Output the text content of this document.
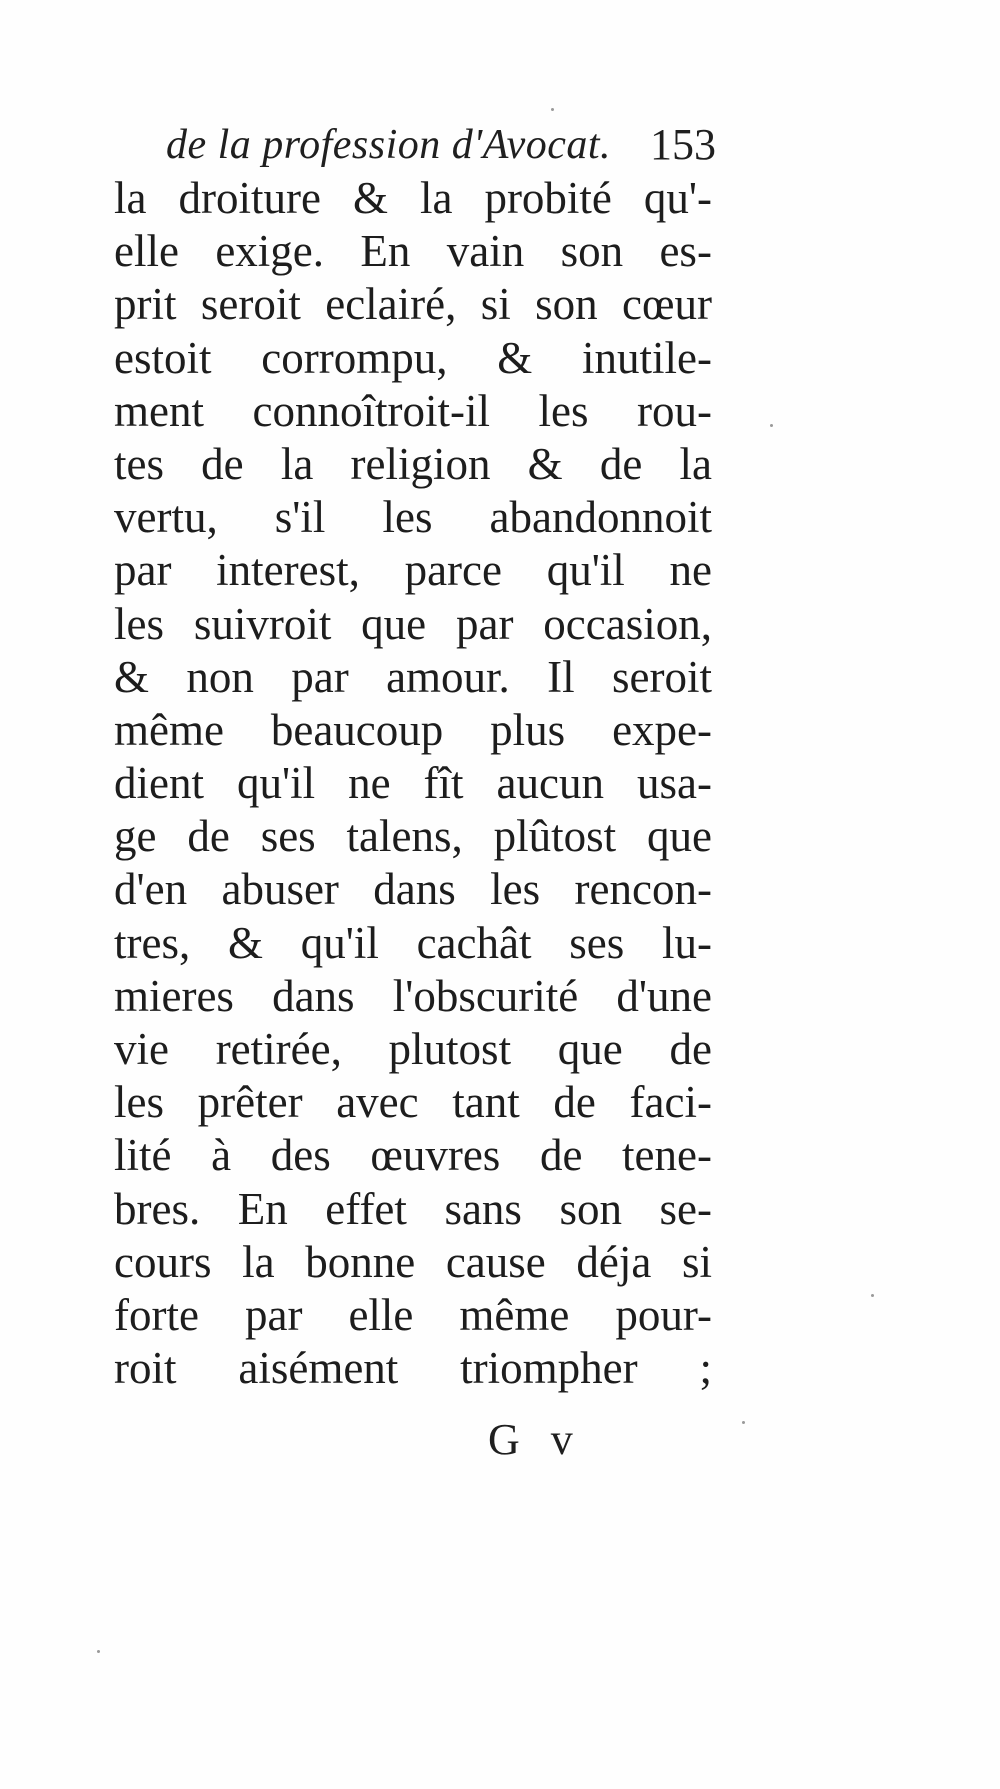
de la profession d'Avocat. 153
la droiture & la probité qu'-
elle exige. En vain son es-
prit seroit eclairé, si son cœur
estoit corrompu, & inutile-
ment connoîtroit-il les rou-
tes de la religion & de la
vertu, s'il les abandonnoit
par interest, parce qu'il ne
les suivroit que par occasion,
& non par amour. Il seroit
même beaucoup plus expe-
dient qu'il ne fît aucun usa-
ge de ses talens, plûtost que
d'en abuser dans les rencon-
tres, & qu'il cachât ses lu-
mieres dans l'obscurité d'une
vie retirée, plutost que de
les prêter avec tant de faci-
lité à des œuvres de tene-
bres. En effet sans son se-
cours la bonne cause déja si
forte par elle même pour-
roit aisément triompher ;
G v
